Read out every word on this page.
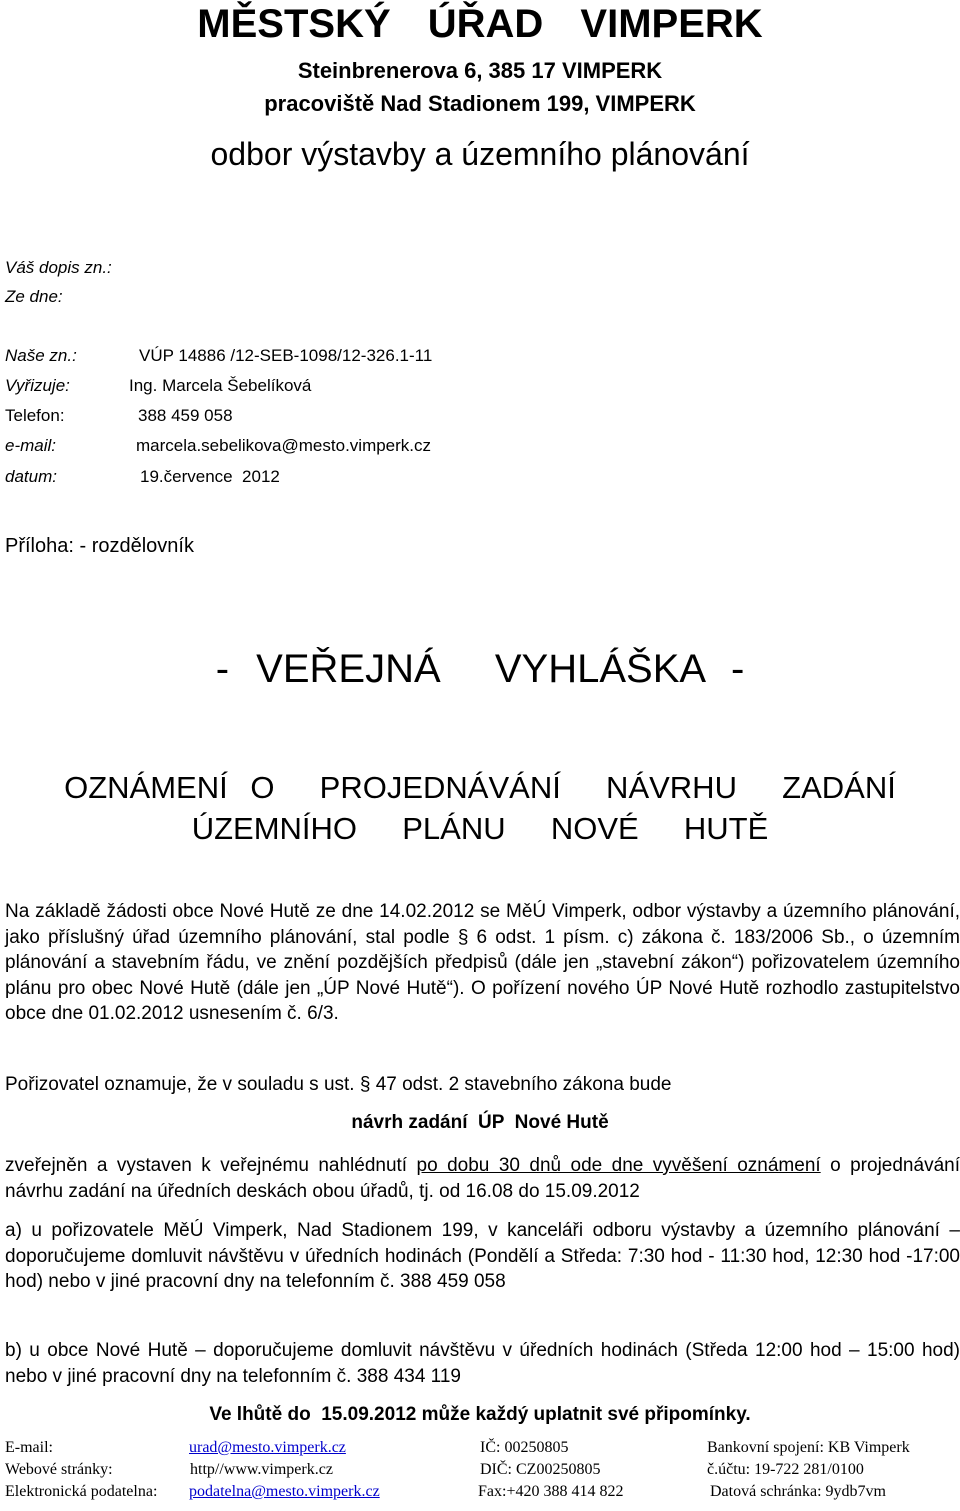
MĚSTSKÝ ÚŘAD VIMPERK
Steinbrenerova 6, 385 17 VIMPERK
pracoviště Nad Stadionem 199, VIMPERK
odbor výstavby a územního plánování
Váš dopis zn.:
Ze dne:
Naše zn.:	VÚP 14886 /12-SEB-1098/12-326.1-11
Vyřizuje:	Ing. Marcela Šebelíková
Telefon:	388 459 058
e-mail:	marcela.sebelikova@mesto.vimperk.cz
datum:	19.července  2012
Příloha: - rozdělovník
- VEŘEJNÁ  VYHLÁŠKA -
OZNÁMENÍ O  PROJEDNÁVÁNÍ  NÁVRHU  ZADÁNÍ
ÚZEMNÍHO  PLÁNU  NOVÉ  HUTĚ
Na základě žádosti obce Nové Hutě ze dne 14.02.2012 se MěÚ Vimperk, odbor výstavby a územního plánování, jako příslušný úřad územního plánování, stal podle § 6 odst. 1 písm. c) zákona č. 183/2006 Sb., o územním plánování a stavebním řádu, ve znění pozdějších předpisů (dále jen „stavební zákon“) pořizovatelem územního plánu pro obec Nové Hutě (dále jen „ÚP Nové Hutě“). O pořízení nového ÚP Nové Hutě rozhodlo zastupitelstvo obce dne 01.02.2012 usnesením č. 6/3.
Pořizovatel oznamuje, že v souladu s ust. § 47 odst. 2 stavebního zákona bude
návrh zadání  ÚP  Nové Hutě
zveřejněn a vystaven k veřejnému nahlédnutí po dobu 30 dnů ode dne vyvěšení oznámení o projednávání návrhu zadání na úředních deskách obou úřadů, tj. od 16.08 do 15.09.2012
a) u pořizovatele MěÚ Vimperk, Nad Stadionem 199, v kanceláři odboru výstavby a územního plánování – doporučujeme domluvit návštěvu v úředních hodinách (Pondělí a Středa: 7:30 hod - 11:30 hod, 12:30 hod -17:00 hod) nebo v jiné pracovní dny na telefonním č. 388 459 058
b) u obce Nové Hutě – doporučujeme domluvit návštěvu v úředních hodinách (Středa 12:00 hod – 15:00 hod) nebo v jiné pracovní dny na telefonním č. 388 434 119
Ve lhůtě do  15.09.2012 může každý uplatnit své připomínky.
E-mail:	urad@mesto.vimperk.cz	IČ: 00250805	Bankovní spojení: KB Vimperk
Webové stránky:	http//www.vimperk.cz	DIČ: CZ00250805	č.účtu: 19-722 281/0100
Elektronická podatelna: podatelna@mesto.vimperk.cz	Fax:+420 388 414 822	Datová schránka: 9ydb7vm
